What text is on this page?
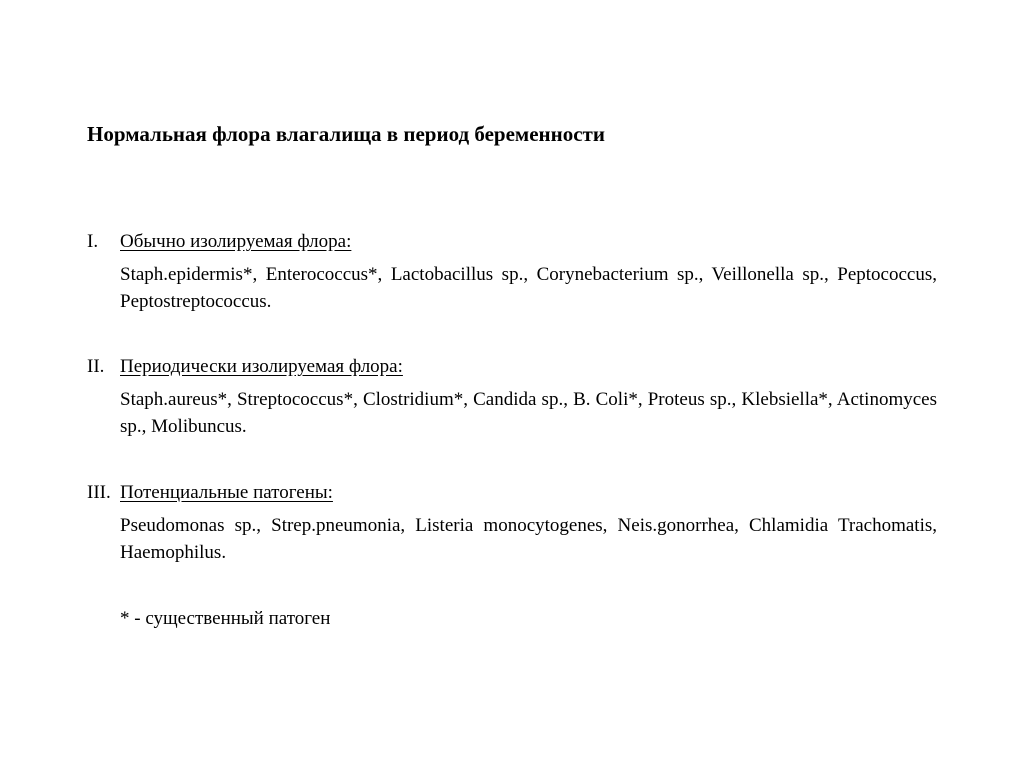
Нормальная флора влагалища в период беременности
I. Обычно изолируемая флора:
Staph.epidermis*, Enterococcus*, Lactobacillus sp., Corynebacterium sp., Veillonella sp., Peptococcus, Peptostreptococcus.
II. Периодически изолируемая флора:
Staph.aureus*, Streptococcus*, Clostridium*, Candida sp., B. Coli*, Proteus sp., Klebsiella*, Actinomyces sp., Molibuncus.
III. Потенциальные патогены:
Pseudomonas sp., Strep.pneumonia, Listeria monocytogenes, Neis.gonorrhea, Chlamidia Trachomatis, Haemophilus.
* - существенный патоген
